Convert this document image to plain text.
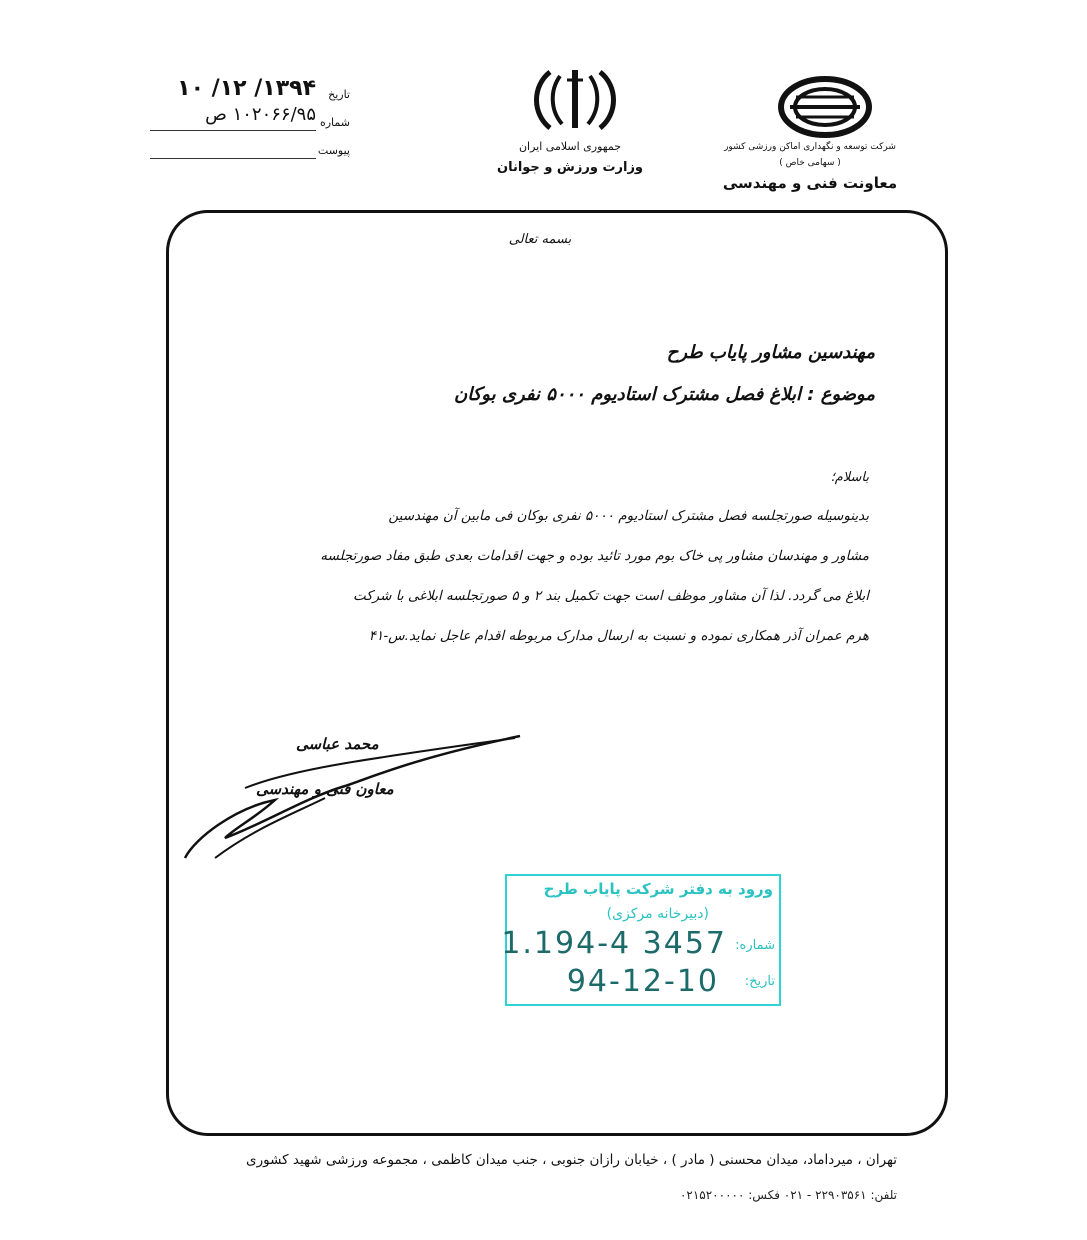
تاریخ
۱۳۹۴/ ۱۲/ ۱۰
شماره
۱۰۲۰۶۶/۹۵ ص
پیوست	جمهوری اسلامی ایران
وزارت ورزش و جوانان
شرکت توسعه و نگهداری اماکن ورزشی کشور
( سهامی خاص )
معاونت فنی و مهندسی
بسمه تعالی
مهندسین مشاور پایاب طرح
موضوع : ابلاغ فصل مشترک استادیوم ۵۰۰۰ نفری بوکان
باسلام؛
بدینوسیله صورتجلسه فصل مشترک استادیوم ۵۰۰۰ نفری بوکان فی مابین آن مهندسین
مشاور و مهندسان مشاور پی خاک بوم مورد تائید بوده و جهت اقدامات بعدی طبق مفاد صورتجلسه
ابلاغ می گردد. لذا آن مشاور موظف است جهت تکمیل بند ۲ و ۵ صورتجلسه ابلاغی با شرکت
هرم عمران آذر همکاری نموده و نسبت به ارسال مدارک مربوطه اقدام عاجل نماید.س-۴۱
محمد عباسی
معاون فنی و مهندسی
ورود به دفتر شرکت پایاب طرح
(دبیرخانه مرکزی)
شماره:
1.194-4 3457
تاریخ:
94-12-10
تهران ، میرداماد، میدان محسنی ( مادر ) ، خیابان رازان جنوبی ، جنب میدان کاظمی ، مجموعه ورزشی شهید کشوری
تلفن: ۲۲۹۰۳۵۶۱ - ۰۲۱ فکس: ۰۲۱۵۲۰۰۰۰۰
